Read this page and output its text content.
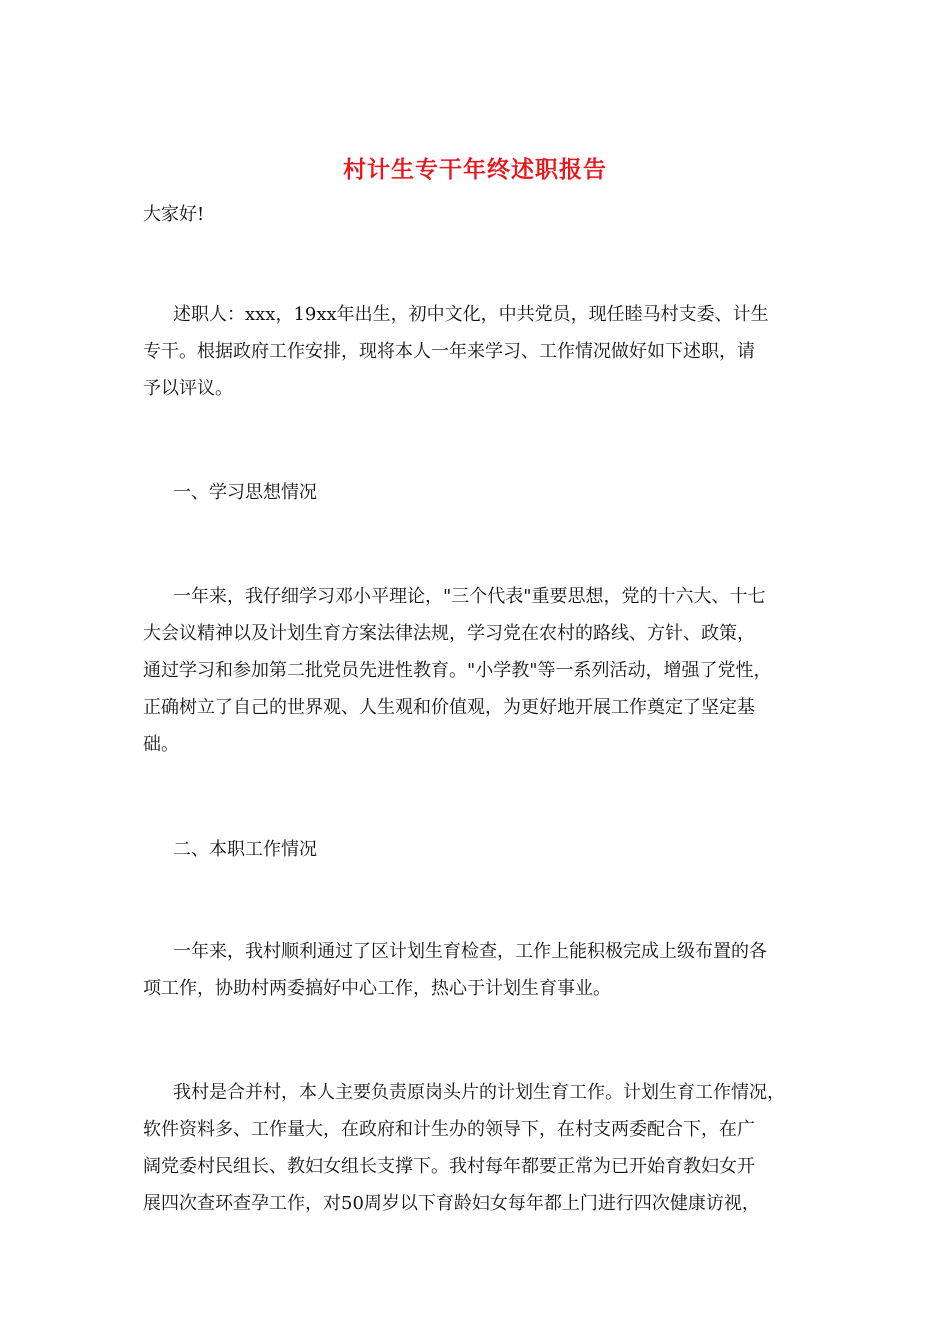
村计生专干年终述职报告
大家好!
述职人：xxx，19xx年出生，初中文化，中共党员，现任睦马村支委、计生
专干。根据政府工作安排，现将本人一年来学习、工作情况做好如下述职，请
予以评议。
一、学习思想情况
一年来，我仔细学习邓小平理论，"三个代表"重要思想，党的十六大、十七
大会议精神以及计划生育方案法律法规，学习党在农村的路线、方针、政策，
通过学习和参加第二批党员先进性教育。"小学教"等一系列活动，增强了党性，
正确树立了自己的世界观、人生观和价值观，为更好地开展工作奠定了坚定基
础。
二、本职工作情况
一年来，我村顺利通过了区计划生育检查，工作上能积极完成上级布置的各
项工作，协助村两委搞好中心工作，热心于计划生育事业。
我村是合并村，本人主要负责原岗头片的计划生育工作。计划生育工作情况，
软件资料多、工作量大，在政府和计生办的领导下，在村支两委配合下，在广
阔党委村民组长、教妇女组长支撑下。我村每年都要正常为已开始育教妇女开
展四次查环查孕工作，对50周岁以下育龄妇女每年都上门进行四次健康访视，
